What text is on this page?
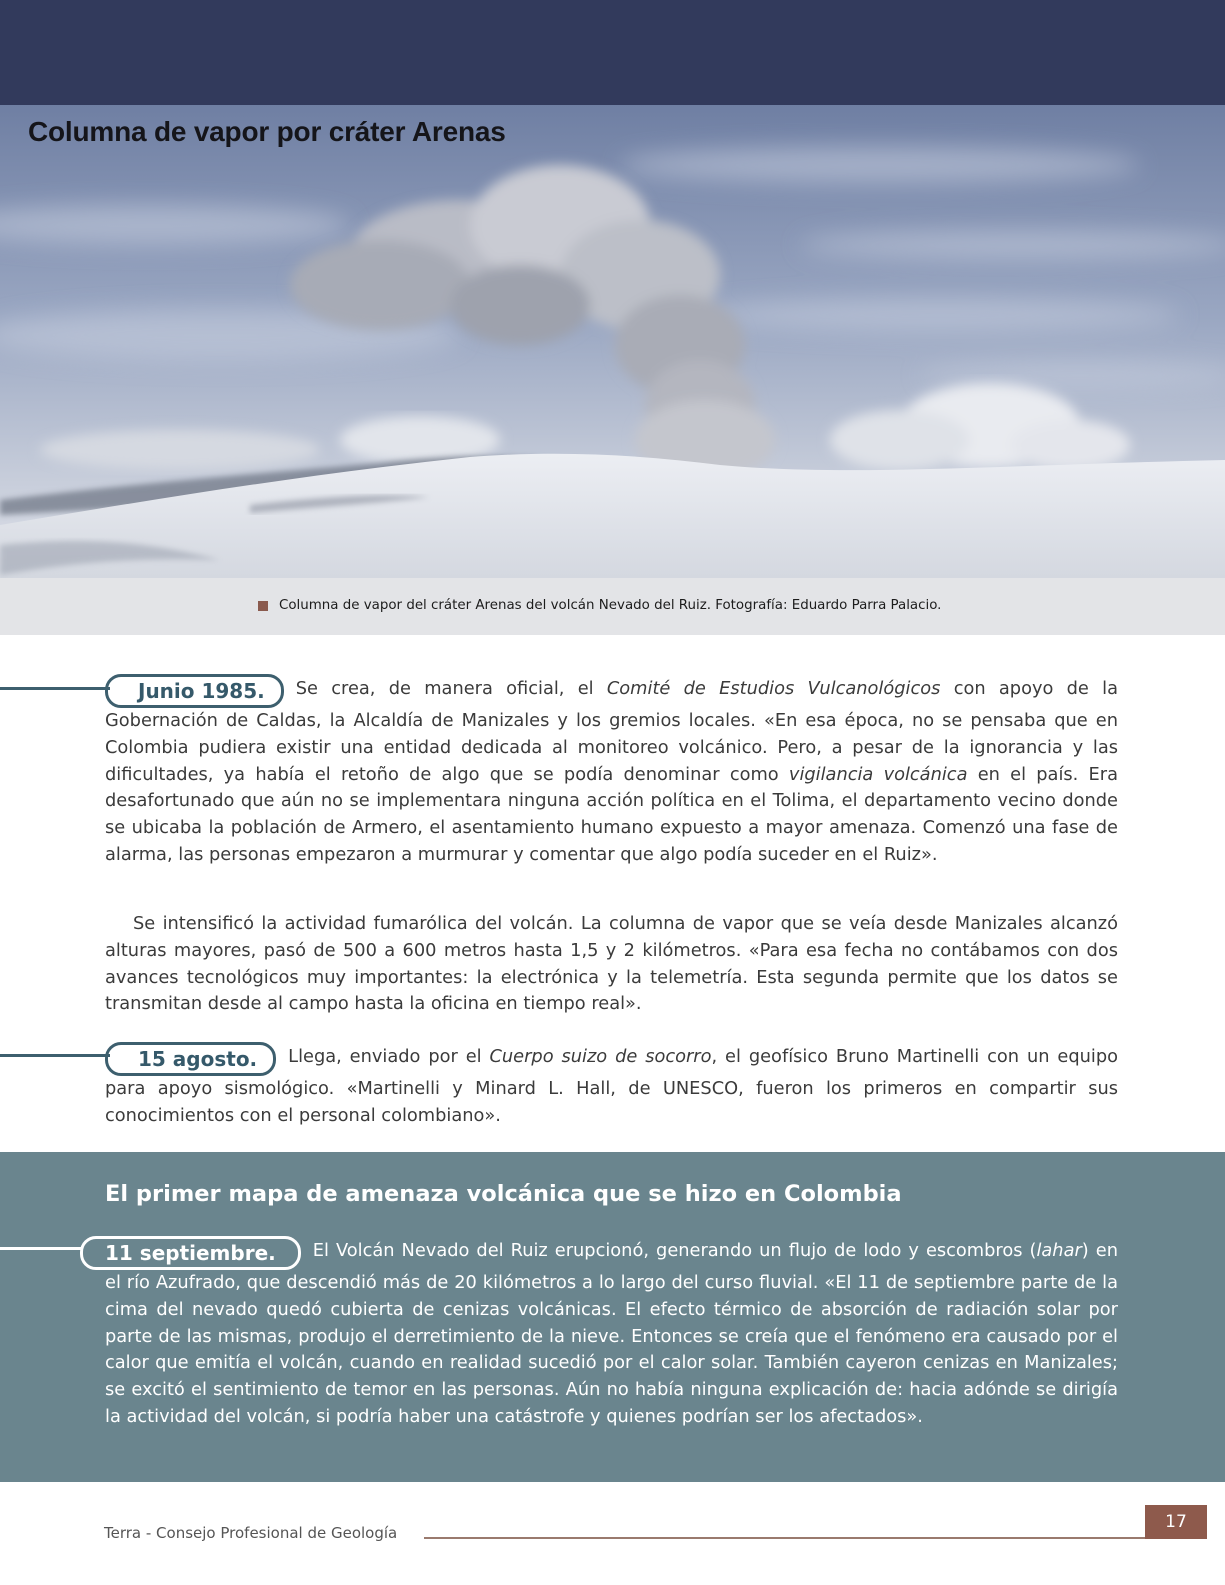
Columna de vapor por cráter Arenas
Columna de vapor del cráter Arenas del volcán Nevado del Ruiz. Fotografía: Eduardo Parra Palacio.

Junio 1985. Se crea, de manera oficial, el Comité de Estudios Vulcanológicos con apoyo de la Gobernación de Caldas, la Alcaldía de Manizales y los gremios locales. «En esa época, no se pensaba que en Colombia pudiera existir una entidad dedicada al monitoreo volcánico. Pero, a pesar de la ignorancia y las dificultades, ya había el retoño de algo que se podía denominar como vigilancia volcánica en el país. Era desafortunado que aún no se implementara ninguna acción política en el Tolima, el departamento vecino donde se ubicaba la población de Armero, el asentamiento humano expuesto a mayor amenaza. Comenzó una fase de alarma, las personas empezaron a murmurar y comentar que algo podía suceder en el Ruiz».

Se intensificó la actividad fumarólica del volcán. La columna de vapor que se veía desde Manizales alcanzó alturas mayores, pasó de 500 a 600 metros hasta 1,5 y 2 kilómetros. «Para esa fecha no contábamos con dos avances tecnológicos muy importantes: la electrónica y la telemetría. Esta segunda permite que los datos se transmitan desde al campo hasta la oficina en tiempo real».

15 agosto. Llega, enviado por el Cuerpo suizo de socorro, el geofísico Bruno Martinelli con un equipo para apoyo sismológico. «Martinelli y Minard L. Hall, de UNESCO, fueron los primeros en compartir sus conocimientos con el personal colombiano».

El primer mapa de amenaza volcánica que se hizo en Colombia

11 septiembre. El Volcán Nevado del Ruiz erupcionó, generando un flujo de lodo y escombros (lahar) en el río Azufrado, que descendió más de 20 kilómetros a lo largo del curso fluvial. «El 11 de septiembre parte de la cima del nevado quedó cubierta de cenizas volcánicas. El efecto térmico de absorción de radiación solar por parte de las mismas, produjo el derretimiento de la nieve. Entonces se creía que el fenómeno era causado por el calor que emitía el volcán, cuando en realidad sucedió por el calor solar. También cayeron cenizas en Manizales; se excitó el sentimiento de temor en las personas. Aún no había ninguna explicación de: hacia adónde se dirigía la actividad del volcán, si podría haber una catástrofe y quienes podrían ser los afectados».

Terra - Consejo Profesional de Geología
17
